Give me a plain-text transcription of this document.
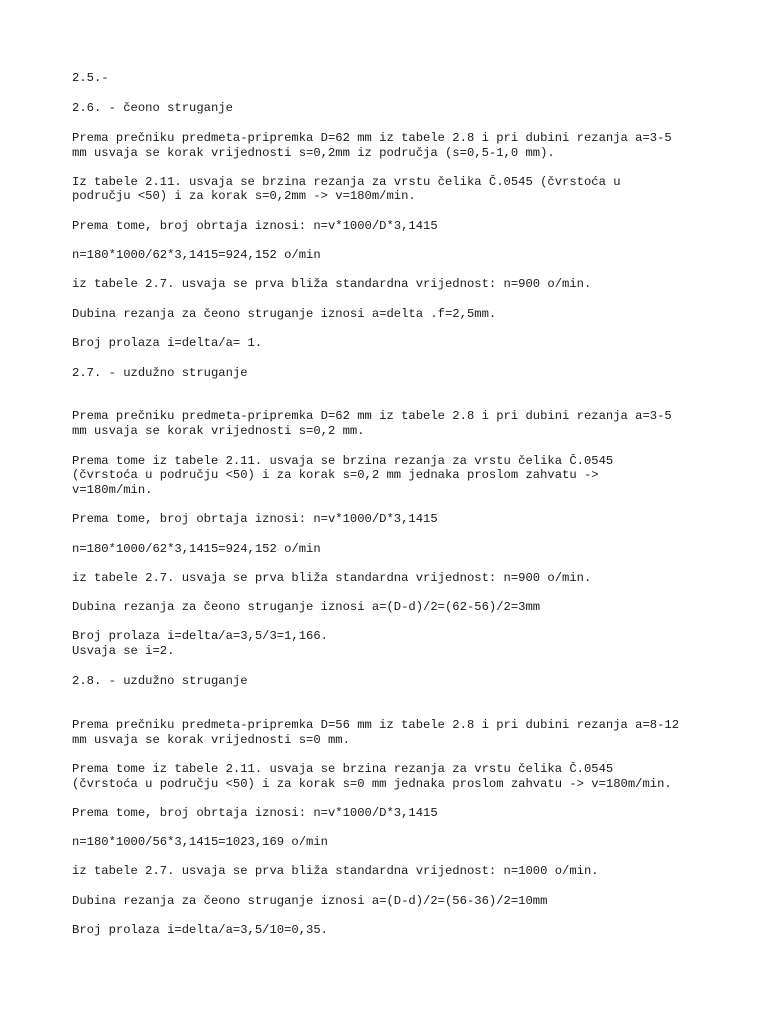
2.5.-

2.6. - čeono struganje

Prema prečniku predmeta-pripremka D=62 mm iz tabele 2.8 i pri dubini rezanja a=3-5

mm usvaja se korak vrijednosti s=0,2mm iz područja (s=0,5-1,0 mm).

Iz tabele 2.11. usvaja se brzina rezanja za vrstu čelika Č.0545 (čvrstoća u

području <50) i za korak s=0,2mm -> v=180m/min.

Prema tome, broj obrtaja iznosi: n=v*1000/D*3,1415

n=180*1000/62*3,1415=924,152 o/min

iz tabele 2.7. usvaja se prva bliža standardna vrijednost: n=900 o/min.

Dubina rezanja za čeono struganje iznosi a=delta .f=2,5mm.

Broj prolaza i=delta/a= 1.

2.7. - uzdužno struganje

Prema prečniku predmeta-pripremka D=62 mm iz tabele 2.8 i pri dubini rezanja a=3-5

mm usvaja se korak vrijednosti s=0,2 mm.

Prema tome iz tabele 2.11. usvaja se brzina rezanja za vrstu čelika Č.0545

(čvrstoća u području <50) i za korak s=0,2 mm jednaka proslom zahvatu ->

v=180m/min.

Prema tome, broj obrtaja iznosi: n=v*1000/D*3,1415

n=180*1000/62*3,1415=924,152 o/min

iz tabele 2.7. usvaja se prva bliža standardna vrijednost: n=900 o/min.

Dubina rezanja za čeono struganje iznosi a=(D-d)/2=(62-56)/2=3mm

Broj prolaza i=delta/a=3,5/3=1,166.

Usvaja se i=2.

2.8. - uzdužno struganje

Prema prečniku predmeta-pripremka D=56 mm iz tabele 2.8 i pri dubini rezanja a=8-12

mm usvaja se korak vrijednosti s=0 mm.

Prema tome iz tabele 2.11. usvaja se brzina rezanja za vrstu čelika Č.0545

(čvrstoća u području <50) i za korak s=0 mm jednaka proslom zahvatu -> v=180m/min.

Prema tome, broj obrtaja iznosi: n=v*1000/D*3,1415

n=180*1000/56*3,1415=1023,169 o/min

iz tabele 2.7. usvaja se prva bliža standardna vrijednost: n=1000 o/min.

Dubina rezanja za čeono struganje iznosi a=(D-d)/2=(56-36)/2=10mm

Broj prolaza i=delta/a=3,5/10=0,35.
